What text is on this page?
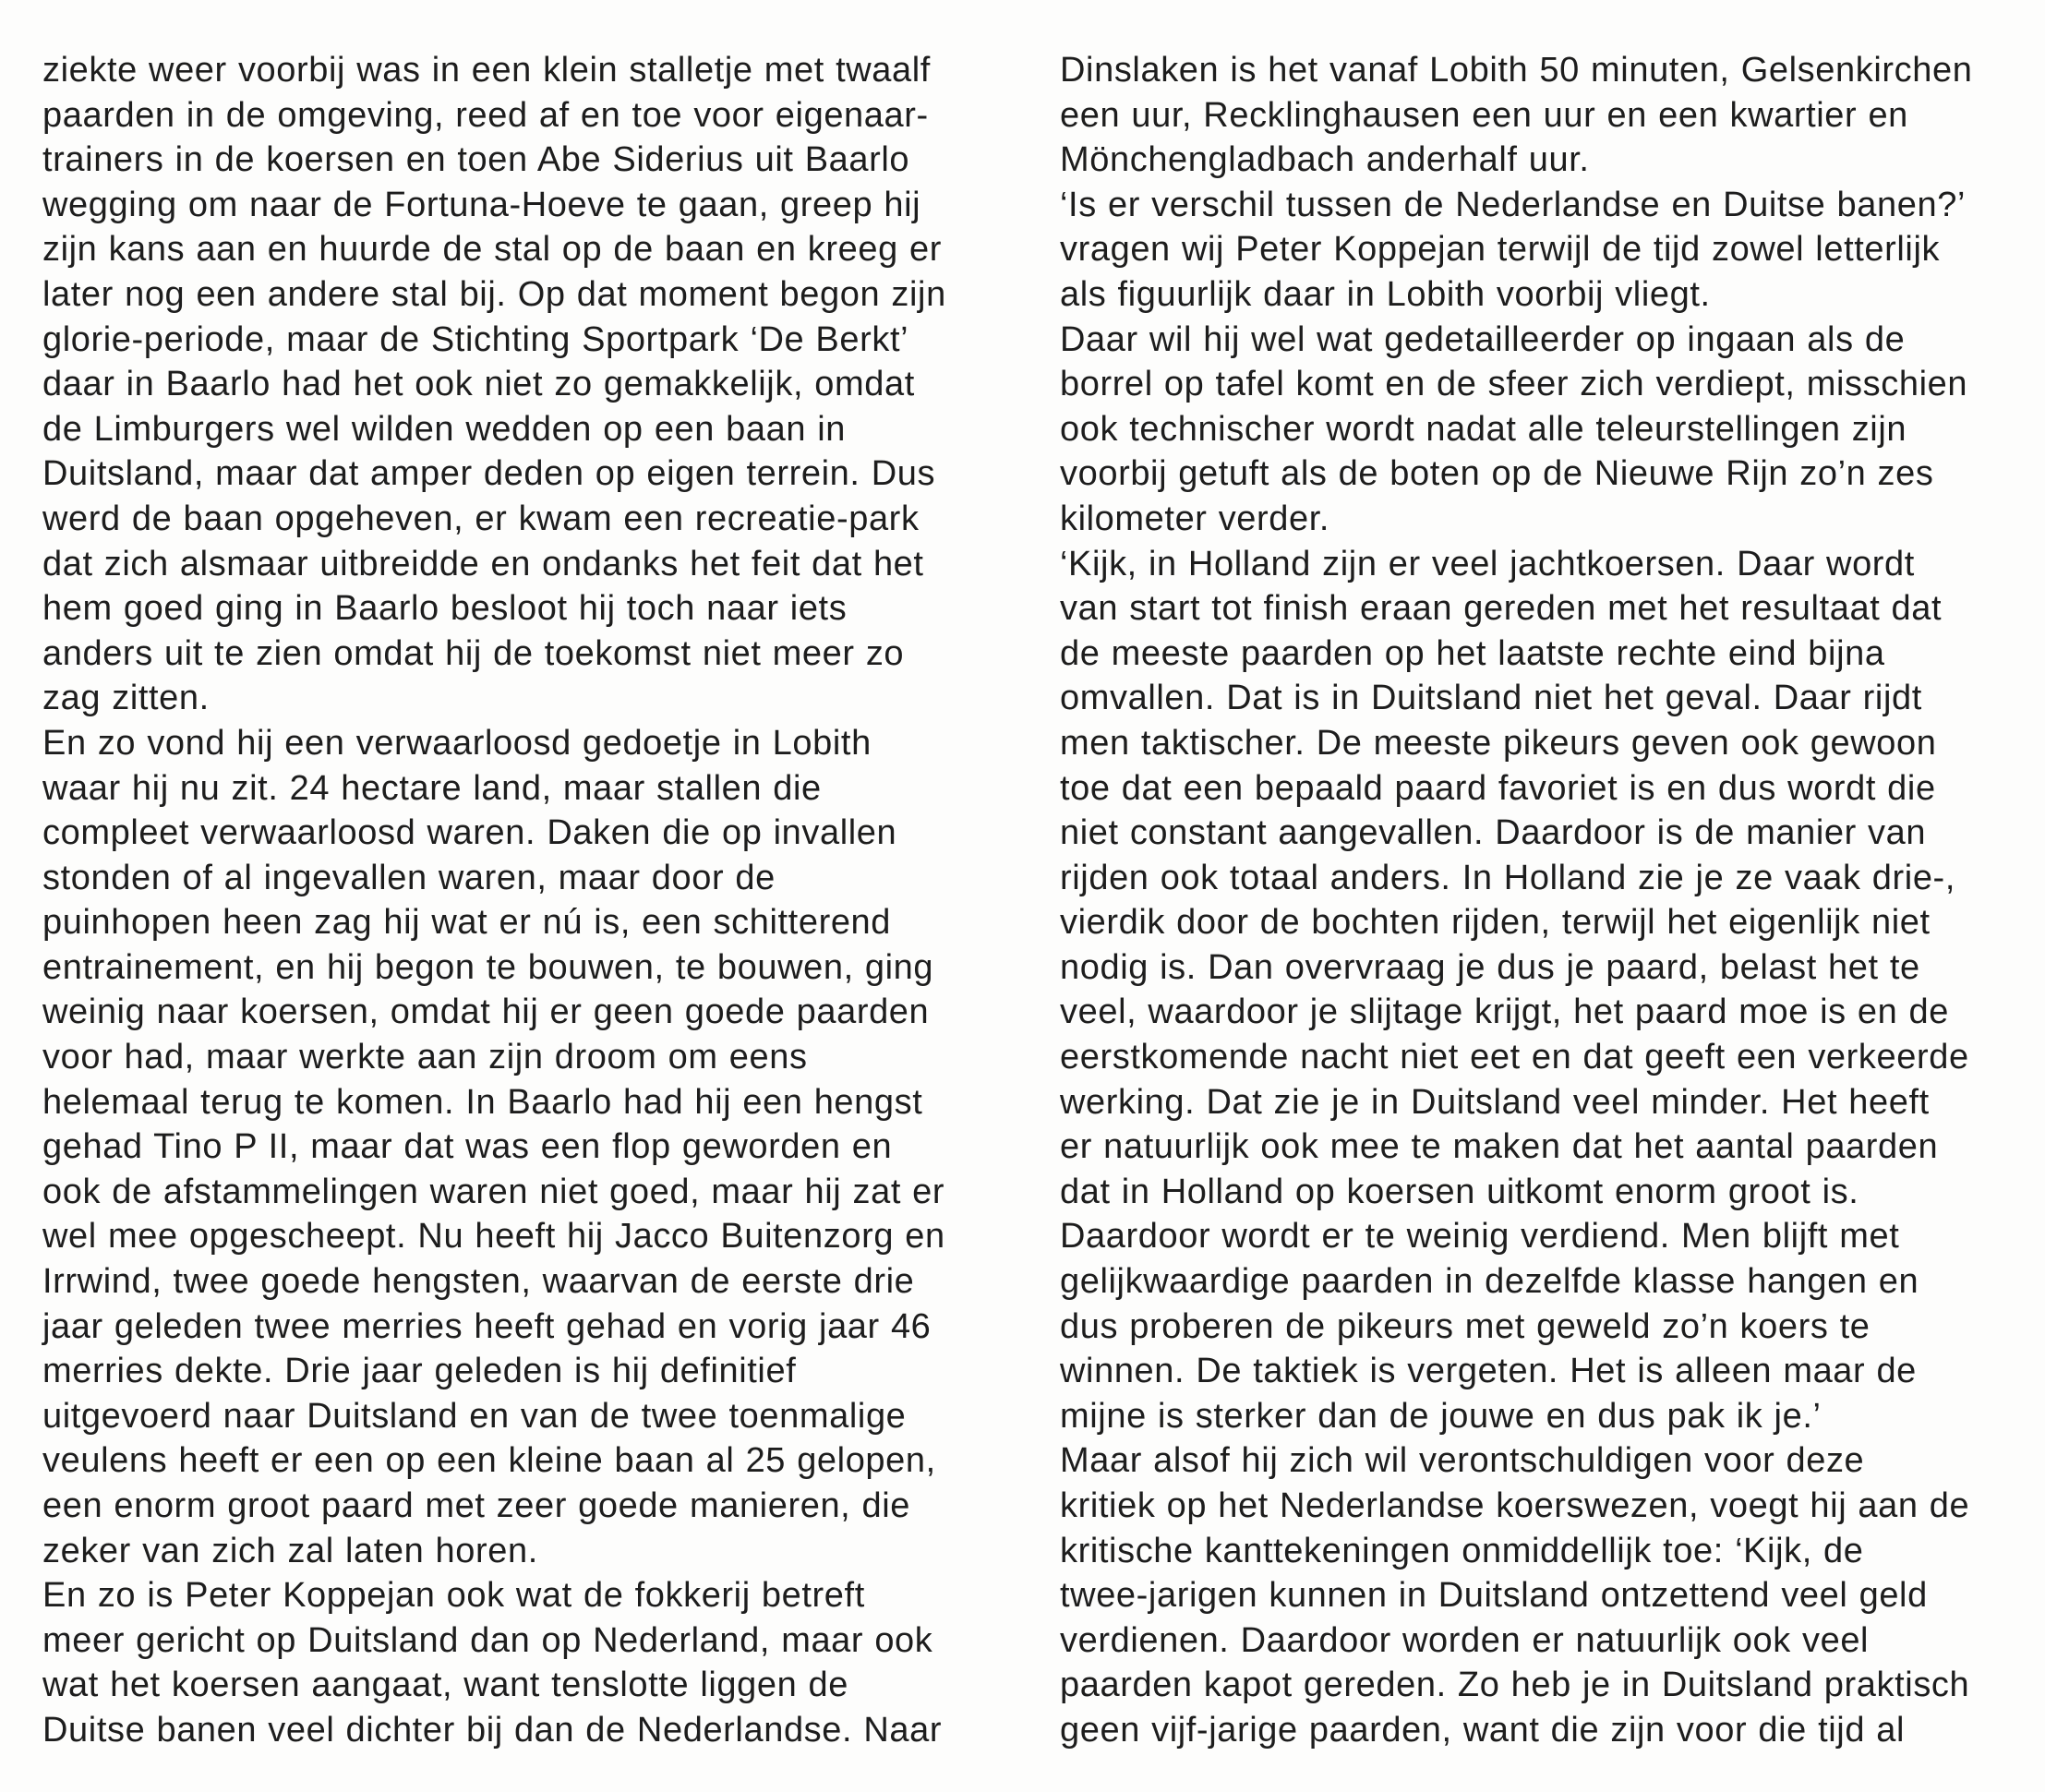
ziekte weer voorbij was in een klein stalletje met twaalf
paarden in de omgeving, reed af en toe voor eigenaar-
trainers in de koersen en toen Abe Siderius uit Baarlo
wegging om naar de Fortuna-Hoeve te gaan, greep hij
zijn kans aan en huurde de stal op de baan en kreeg er
later nog een andere stal bij. Op dat moment begon zijn
glorie-periode, maar de Stichting Sportpark ‘De Berkt’
daar in Baarlo had het ook niet zo gemakkelijk, omdat
de Limburgers wel wilden wedden op een baan in
Duitsland, maar dat amper deden op eigen terrein. Dus
werd de baan opgeheven, er kwam een recreatie-park
dat zich alsmaar uitbreidde en ondanks het feit dat het
hem goed ging in Baarlo besloot hij toch naar iets
anders uit te zien omdat hij de toekomst niet meer zo
zag zitten.
En zo vond hij een verwaarloosd gedoetje in Lobith
waar hij nu zit. 24 hectare land, maar stallen die
compleet verwaarloosd waren. Daken die op invallen
stonden of al ingevallen waren, maar door de
puinhopen heen zag hij wat er nú is, een schitterend
entrainement, en hij begon te bouwen, te bouwen, ging
weinig naar koersen, omdat hij er geen goede paarden
voor had, maar werkte aan zijn droom om eens
helemaal terug te komen. In Baarlo had hij een hengst
gehad Tino P II, maar dat was een flop geworden en
ook de afstammelingen waren niet goed, maar hij zat er
wel mee opgescheept. Nu heeft hij Jacco Buitenzorg en
Irrwind, twee goede hengsten, waarvan de eerste drie
jaar geleden twee merries heeft gehad en vorig jaar 46
merries dekte. Drie jaar geleden is hij definitief
uitgevoerd naar Duitsland en van de twee toenmalige
veulens heeft er een op een kleine baan al 25 gelopen,
een enorm groot paard met zeer goede manieren, die
zeker van zich zal laten horen.
En zo is Peter Koppejan ook wat de fokkerij betreft
meer gericht op Duitsland dan op Nederland, maar ook
wat het koersen aangaat, want tenslotte liggen de
Duitse banen veel dichter bij dan de Nederlandse. Naar
Dinslaken is het vanaf Lobith 50 minuten, Gelsenkirchen
een uur, Recklinghausen een uur en een kwartier en
Mönchengladbach anderhalf uur.
‘Is er verschil tussen de Nederlandse en Duitse banen?’
vragen wij Peter Koppejan terwijl de tijd zowel letterlijk
als figuurlijk daar in Lobith voorbij vliegt.
Daar wil hij wel wat gedetailleerder op ingaan als de
borrel op tafel komt en de sfeer zich verdiept, misschien
ook technischer wordt nadat alle teleurstellingen zijn
voorbij getuft als de boten op de Nieuwe Rijn zo’n zes
kilometer verder.
‘Kijk, in Holland zijn er veel jachtkoersen. Daar wordt
van start tot finish eraan gereden met het resultaat dat
de meeste paarden op het laatste rechte eind bijna
omvallen. Dat is in Duitsland niet het geval. Daar rijdt
men taktischer. De meeste pikeurs geven ook gewoon
toe dat een bepaald paard favoriet is en dus wordt die
niet constant aangevallen. Daardoor is de manier van
rijden ook totaal anders. In Holland zie je ze vaak drie-,
vierdik door de bochten rijden, terwijl het eigenlijk niet
nodig is. Dan overvraag je dus je paard, belast het te
veel, waardoor je slijtage krijgt, het paard moe is en de
eerstkomende nacht niet eet en dat geeft een verkeerde
werking. Dat zie je in Duitsland veel minder. Het heeft
er natuurlijk ook mee te maken dat het aantal paarden
dat in Holland op koersen uitkomt enorm groot is.
Daardoor wordt er te weinig verdiend. Men blijft met
gelijkwaardige paarden in dezelfde klasse hangen en
dus proberen de pikeurs met geweld zo’n koers te
winnen. De taktiek is vergeten. Het is alleen maar de
mijne is sterker dan de jouwe en dus pak ik je.’
Maar alsof hij zich wil verontschuldigen voor deze
kritiek op het Nederlandse koerswezen, voegt hij aan de
kritische kanttekeningen onmiddellijk toe: ‘Kijk, de
twee-jarigen kunnen in Duitsland ontzettend veel geld
verdienen. Daardoor worden er natuurlijk ook veel
paarden kapot gereden. Zo heb je in Duitsland praktisch
geen vijf-jarige paarden, want die zijn voor die tijd al
